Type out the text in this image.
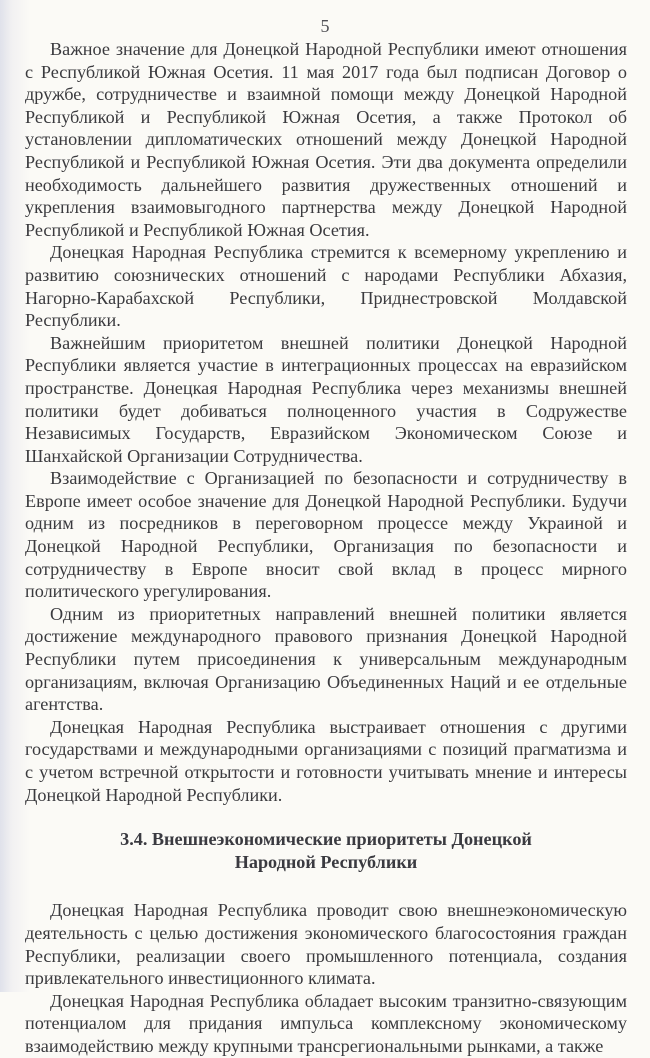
5

Важное значение для Донецкой Народной Республики имеют отношения с Республикой Южная Осетия. 11 мая 2017 года был подписан Договор о дружбе, сотрудничестве и взаимной помощи между Донецкой Народной Республикой и Республикой Южная Осетия, а также Протокол об установлении дипломатических отношений между Донецкой Народной Республикой и Республикой Южная Осетия. Эти два документа определили необходимость дальнейшего развития дружественных отношений и укрепления взаимовыгодного партнерства между Донецкой Народной Республикой и Республикой Южная Осетия.

Донецкая Народная Республика стремится к всемерному укреплению и развитию союзнических отношений с народами Республики Абхазия, Нагорно-Карабахской Республики, Приднестровской Молдавской Республики.

Важнейшим приоритетом внешней политики Донецкой Народной Республики является участие в интеграционных процессах на евразийском пространстве. Донецкая Народная Республика через механизмы внешней политики будет добиваться полноценного участия в Содружестве Независимых Государств, Евразийском Экономическом Союзе и Шанхайской Организации Сотрудничества.

Взаимодействие с Организацией по безопасности и сотрудничеству в Европе имеет особое значение для Донецкой Народной Республики. Будучи одним из посредников в переговорном процессе между Украиной и Донецкой Народной Республики, Организация по безопасности и сотрудничеству в Европе вносит свой вклад в процесс мирного политического урегулирования.

Одним из приоритетных направлений внешней политики является достижение международного правового признания Донецкой Народной Республики путем присоединения к универсальным международным организациям, включая Организацию Объединенных Наций и ее отдельные агентства.

Донецкая Народная Республика выстраивает отношения с другими государствами и международными организациями с позиций прагматизма и с учетом встречной открытости и готовности учитывать мнение и интересы Донецкой Народной Республики.

3.4. Внешнеэкономические приоритеты Донецкой Народной Республики

Донецкая Народная Республика проводит свою внешнеэкономическую деятельность с целью достижения экономического благосостояния граждан Республики, реализации своего промышленного потенциала, создания привлекательного инвестиционного климата.

Донецкая Народная Республика обладает высоким транзитно-связующим потенциалом для придания импульса комплексному экономическому взаимодействию между крупными трансрегиональными рынками, а также
